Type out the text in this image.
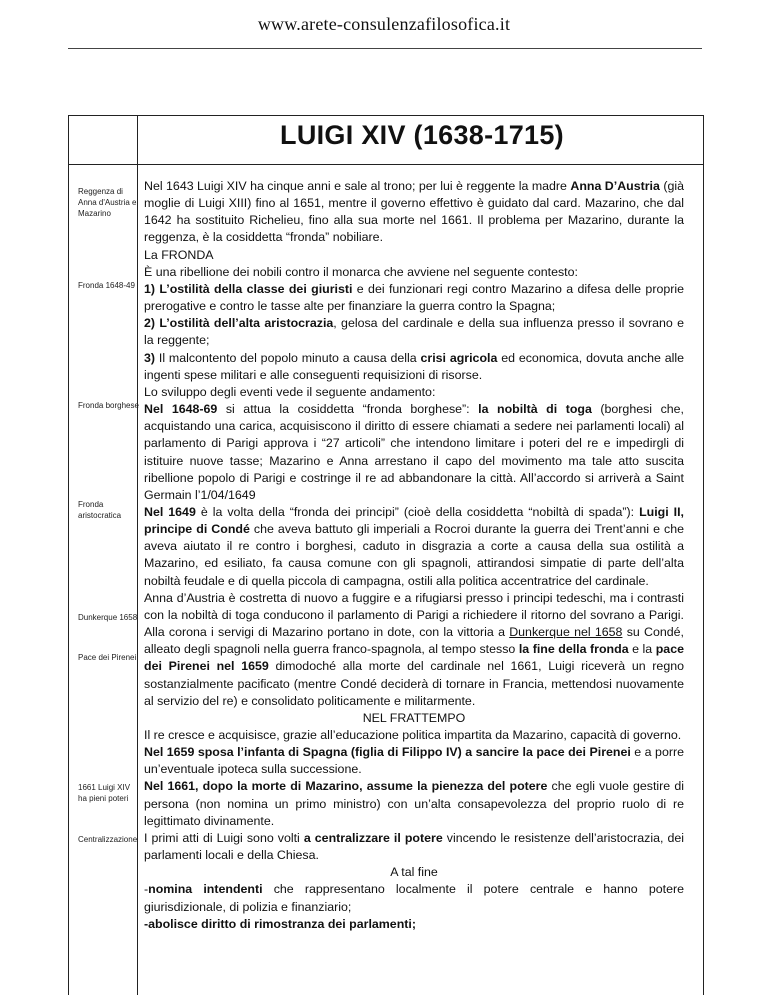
www.arete-consulenzafilosofica.it
LUIGI XIV (1638-1715)
Reggenza di Anna d'Austria e Mazarino
Fronda 1648-49
Fronda borghese
Fronda aristocratica
Dunkerque 1658
Pace dei Pirenei
1661 Luigi XIV ha pieni poteri
Centralizzazione

Nel 1643 Luigi XIV ha cinque anni e sale al trono; per lui è reggente la madre Anna D’Austria (già moglie di Luigi XIII) fino al 1651, mentre il governo effettivo è guidato dal card. Mazarino, che dal 1642 ha sostituito Richelieu, fino alla sua morte nel 1661. Il problema per Mazarino, durante la reggenza, è la cosiddetta “fronda” nobiliare.

La FRONDA

È una ribellione dei nobili contro il monarca che avviene nel seguente contesto:

1) L’ostilità della classe dei giuristi e dei funzionari regi contro Mazarino a difesa delle proprie prerogative e contro le tasse alte per finanziare la guerra contro la Spagna;

2) L’ostilità dell’alta aristocrazia, gelosa del cardinale e della sua influenza presso il sovrano e la reggente;

3) Il malcontento del popolo minuto a causa della crisi agricola ed economica, dovuta anche alle ingenti spese militari e alle conseguenti requisizioni di risorse.

Lo sviluppo degli eventi vede il seguente andamento:

Nel 1648-69 si attua la cosiddetta “fronda borghese”: la nobiltà di toga (borghesi che, acquistando una carica, acquisiscono il diritto di essere chiamati a sedere nei parlamenti locali) al parlamento di Parigi approva i “27 articoli” che intendono limitare i poteri del re e impedirgli di istituire nuove tasse; Mazarino e Anna arrestano il capo del movimento ma tale atto suscita ribellione popolo di Parigi e costringe il re ad abbandonare la città. All’accordo si arriverà a Saint Germain l’1/04/1649

Nel 1649 è la volta della “fronda dei principi” (cioè della cosiddetta “nobiltà di spada”): Luigi II, principe di Condé che aveva battuto gli imperiali a Rocroi durante la guerra dei Trent’anni e che aveva aiutato il re contro i borghesi, caduto in disgrazia a corte a causa della sua ostilità a Mazarino, ed esiliato, fa causa comune con gli spagnoli, attirandosi simpatie di parte dell’alta nobiltà feudale e di quella piccola di campagna, ostili alla politica accentratrice del cardinale.

Anna d’Austria è costretta di nuovo a fuggire e a rifugiarsi presso i principi tedeschi, ma i contrasti con la nobiltà di toga conducono il parlamento di Parigi a richiedere il ritorno del sovrano a Parigi. Alla corona i servigi di Mazarino portano in dote, con la vittoria a Dunkerque nel 1658 su Condé, alleato degli spagnoli nella guerra franco-spagnola, al tempo stesso la fine della fronda e la pace dei Pirenei nel 1659 dimodoché alla morte del cardinale nel 1661, Luigi riceverà un regno sostanzialmente pacificato (mentre Condé deciderà di tornare in Francia, mettendosi nuovamente al servizio del re) e consolidato politicamente e militarmente.

NEL FRATTEMPO

Il re cresce e acquisisce, grazie all’educazione politica impartita da Mazarino, capacità di governo.

Nel 1659 sposa l’infanta di Spagna (figlia di Filippo IV) a sancire la pace dei Pirenei e a porre un’eventuale ipoteca sulla successione.

Nel 1661, dopo la morte di Mazarino, assume la pienezza del potere che egli vuole gestire di persona (non nomina un primo ministro) con un’alta consapevolezza del proprio ruolo di re legittimato divinamente.

I primi atti di Luigi sono volti a centralizzare il potere vincendo le resistenze dell’aristocrazia, dei parlamenti locali e della Chiesa.

A tal fine

-nomina intendenti che rappresentano localmente il potere centrale e hanno potere giurisdizionale, di polizia e finanziario;

-abolisce diritto di rimostranza dei parlamenti;
